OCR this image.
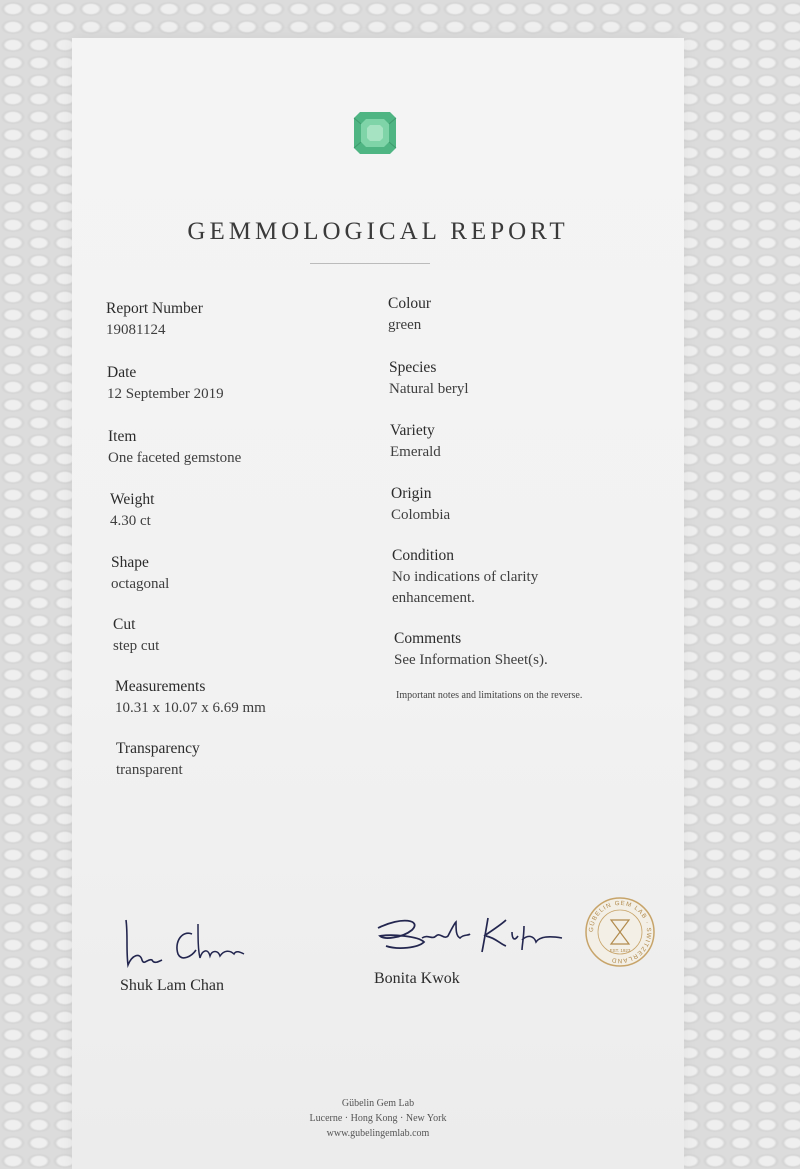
GEMMOLOGICAL REPORT
Report Number
19081124
Date
12 September 2019
Item
One faceted gemstone
Weight
4.30 ct
Shape
octagonal
Cut
step cut
Measurements
10.31 x 10.07 x 6.69 mm
Transparency
transparent
Colour
green
Species
Natural beryl
Variety
Emerald
Origin
Colombia
Condition
No indications of clarity enhancement.
Comments
See Information Sheet(s).
Important notes and limitations on the reverse.
Shuk Lam Chan	Bonita Kwok
GÜBELIN GEM LAB · SWITZERLAND
EST. 1923
Gübelin Gem Lab
Lucerne · Hong Kong · New York
www.gubelingemlab.com
